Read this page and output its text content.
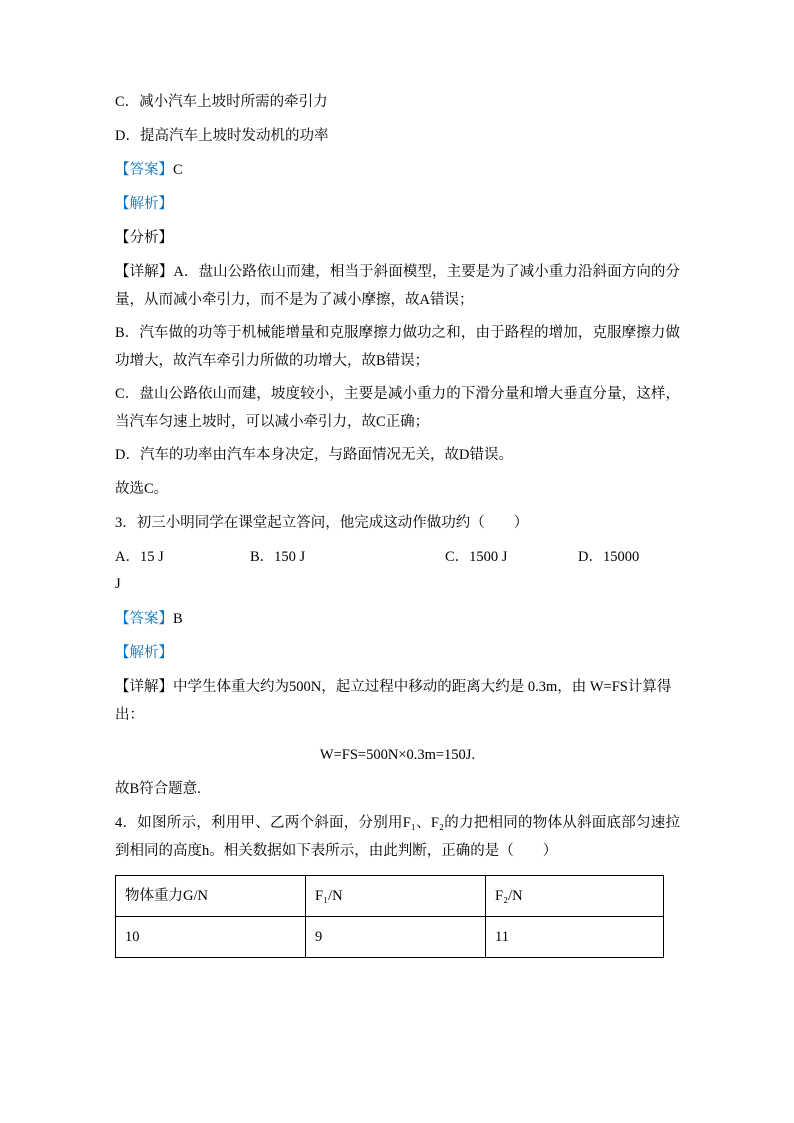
C．减小汽车上坡时所需的牵引力

D．提高汽车上坡时发动机的功率

【答案】C

【解析】

【分析】

【详解】A．盘山公路依山而建，相当于斜面模型，主要是为了减小重力沿斜面方向的分量，从而减小牵引力，而不是为了减小摩擦，故A错误；

B．汽车做的功等于机械能增量和克服摩擦力做功之和，由于路程的增加，克服摩擦力做功增大，故汽车牵引力所做的功增大，故B错误；

C．盘山公路依山而建，坡度较小，主要是减小重力的下滑分量和增大垂直分量，这样，当汽车匀速上坡时，可以减小牵引力，故C正确；

D．汽车的功率由汽车本身决定，与路面情况无关，故D错误。

故选C。

3．初三小明同学在课堂起立答问，他完成这动作做功约（　　）

A．15 J	B．150 J	C．1500 J	D．15000

J

【答案】B

【解析】

【详解】中学生体重大约为500N，起立过程中移动的距离大约是 0.3m，由 W=FS计算得出：

W=FS=500N×0.3m=150J.

故B符合题意.

4．如图所示，利用甲、乙两个斜面，分别用F₁、F₂的力把相同的物体从斜面底部匀速拉到相同的高度h。相关数据如下表所示，由此判断，正确的是（　　）

物体重力G/N	F₁/N	F₂/N
10	9	11
